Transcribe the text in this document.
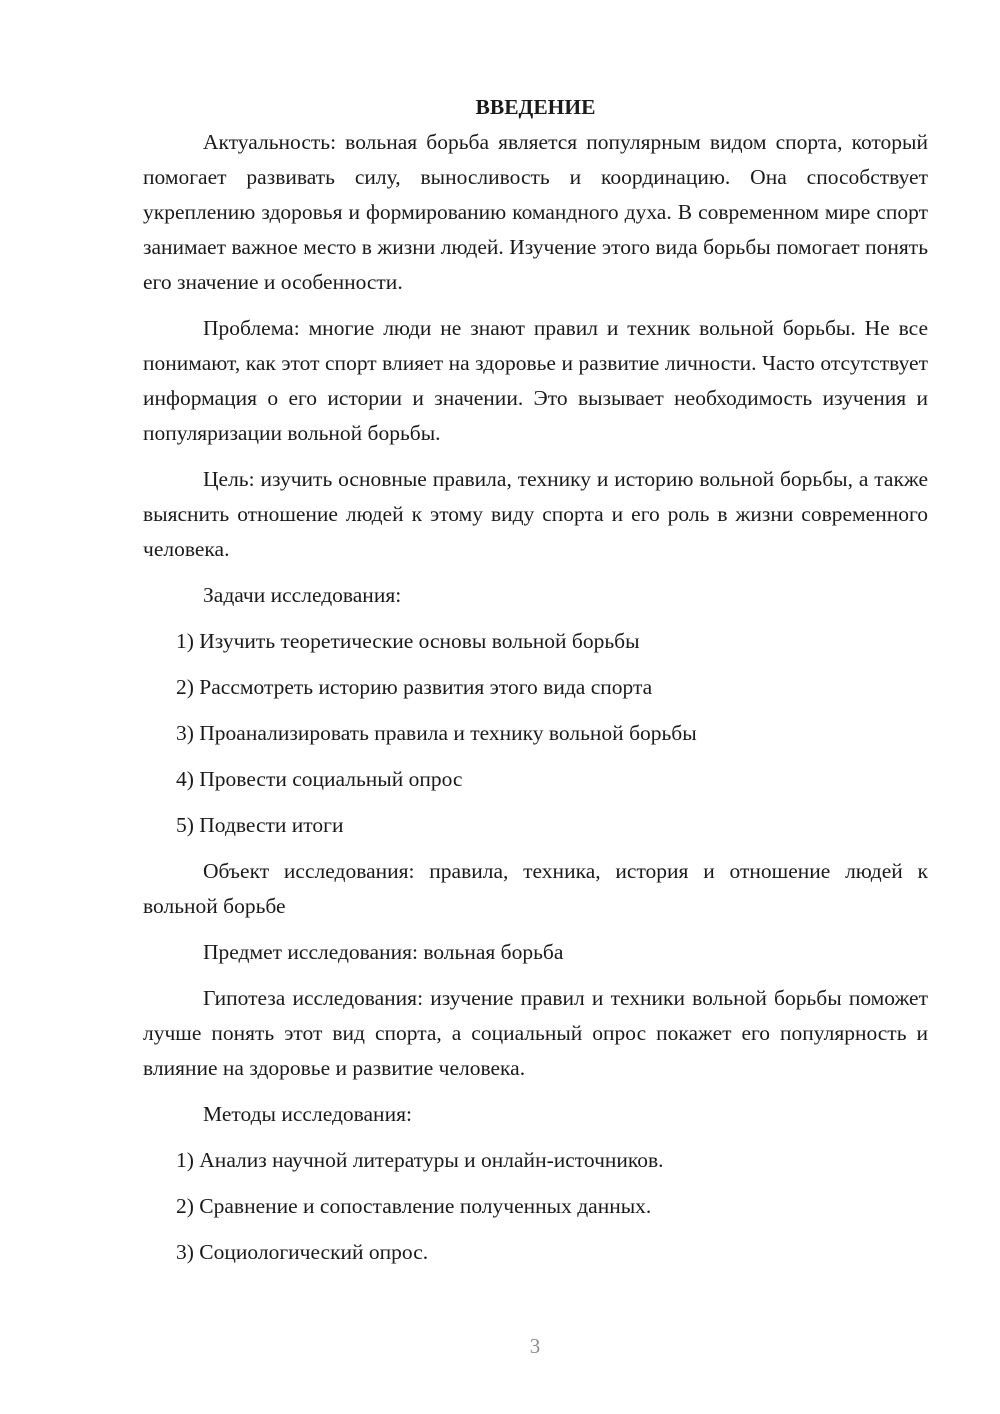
ВВЕДЕНИЕ

Актуальность: вольная борьба является популярным видом спорта, который помогает развивать силу, выносливость и координацию. Она способствует укреплению здоровья и формированию командного духа. В современном мире спорт занимает важное место в жизни людей. Изучение этого вида борьбы помогает понять его значение и особенности.

Проблема: многие люди не знают правил и техник вольной борьбы. Не все понимают, как этот спорт влияет на здоровье и развитие личности. Часто отсутствует информация о его истории и значении. Это вызывает необходимость изучения и популяризации вольной борьбы.

Цель: изучить основные правила, технику и историю вольной борьбы, а также выяснить отношение людей к этому виду спорта и его роль в жизни современного человека.

Задачи исследования:

1) Изучить теоретические основы вольной борьбы

2) Рассмотреть историю развития этого вида спорта

3) Проанализировать правила и технику вольной борьбы

4) Провести социальный опрос

5) Подвести итоги

Объект исследования: правила, техника, история и отношение людей к вольной борьбе

Предмет исследования: вольная борьба

Гипотеза исследования: изучение правил и техники вольной борьбы поможет лучше понять этот вид спорта, а социальный опрос покажет его популярность и влияние на здоровье и развитие человека.

Методы исследования:

1) Анализ научной литературы и онлайн-источников.

2) Сравнение и сопоставление полученных данных.

3) Социологический опрос.

3
